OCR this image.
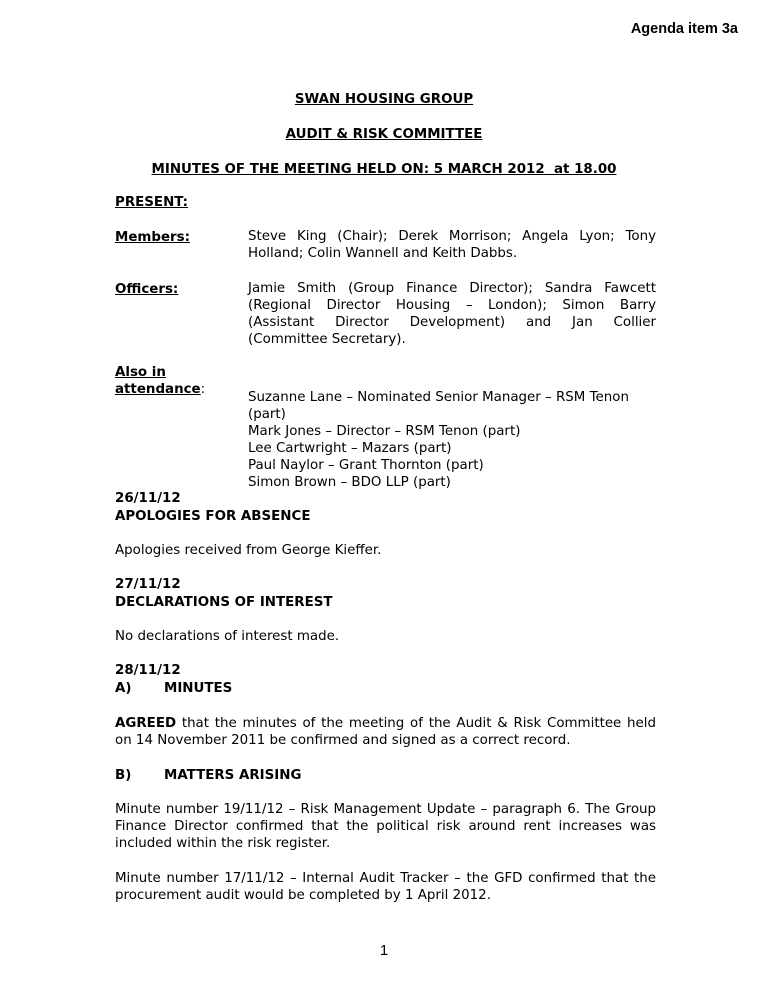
Agenda item 3a
SWAN HOUSING GROUP
AUDIT & RISK COMMITTEE
MINUTES OF THE MEETING HELD ON: 5 MARCH 2012  at 18.00
PRESENT:
Members:	Steve King (Chair); Derek Morrison; Angela Lyon; Tony Holland; Colin Wannell and Keith Dabbs.
Officers:	Jamie Smith (Group Finance Director); Sandra Fawcett (Regional Director Housing – London); Simon Barry (Assistant Director Development) and Jan Collier (Committee Secretary).
Also in
attendance:
Suzanne Lane – Nominated Senior Manager – RSM Tenon (part)
Mark Jones – Director – RSM Tenon (part)
Lee Cartwright – Mazars (part)
Paul Naylor – Grant Thornton (part)
Simon Brown – BDO LLP (part)
26/11/12
APOLOGIES FOR ABSENCE
Apologies received from George Kieffer.
27/11/12
DECLARATIONS OF INTEREST
No declarations of interest made.
28/11/12
A) MINUTES
AGREED that the minutes of the meeting of the Audit & Risk Committee held on 14 November 2011 be confirmed and signed as a correct record.
B) MATTERS ARISING
Minute number 19/11/12 – Risk Management Update – paragraph 6. The Group Finance Director confirmed that the political risk around rent increases was included within the risk register.
Minute number 17/11/12 – Internal Audit Tracker – the GFD confirmed that the procurement audit would be completed by 1 April 2012.
1
